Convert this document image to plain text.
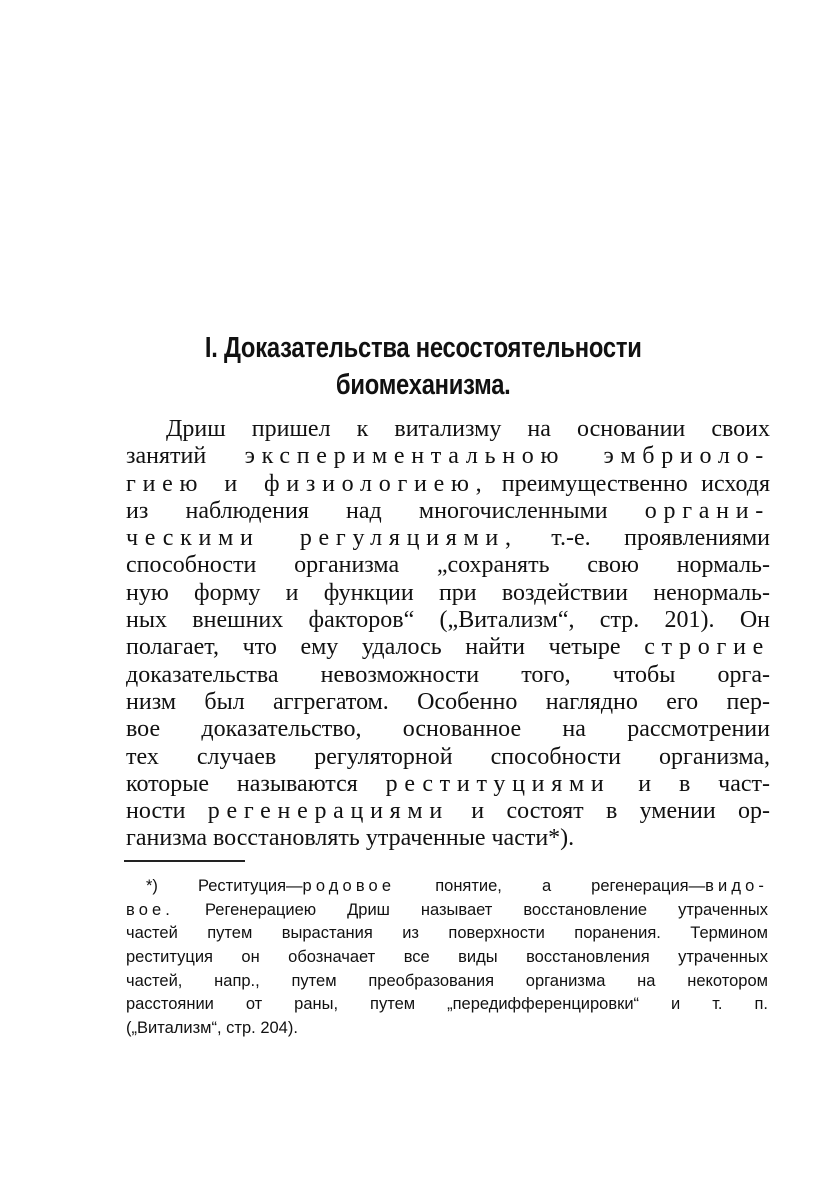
I. Доказательства несостоятельности
биомеханизма.
Дриш пришел к витализму на основании своих
занятий экспериментальною эмбриоло-
гиею и физиологиею, преимущественно исходя
из наблюдения над многочисленными органи-
ческими регуляциями, т.-е. проявлениями
способности организма „сохранять свою нормаль-
ную форму и функции при воздействии ненормаль-
ных внешних факторов“ („Витализм“, стр. 201). Он
полагает, что ему удалось найти четыре строгие
доказательства невозможности того, чтобы орга-
низм был аггрегатом. Особенно наглядно его пер-
вое доказательство, основанное на рассмотрении
тех случаев регуляторной способности организма,
которые называются реституциями и в част-
ности регенерациями и состоят в умении ор-
ганизма восстановлять утраченные части*).
*) Реституция—родовое понятие, а регенерация—видо-
вое. Регенерациею Дриш называет восстановление утраченных
частей путем вырастания из поверхности поранения. Термином
реституция он обозначает все виды восстановления утраченных
частей, напр., путем преобразования организма на некотором
расстоянии от раны, путем „передифференцировки“ и т. п.
(„Витализм“, стр. 204).
